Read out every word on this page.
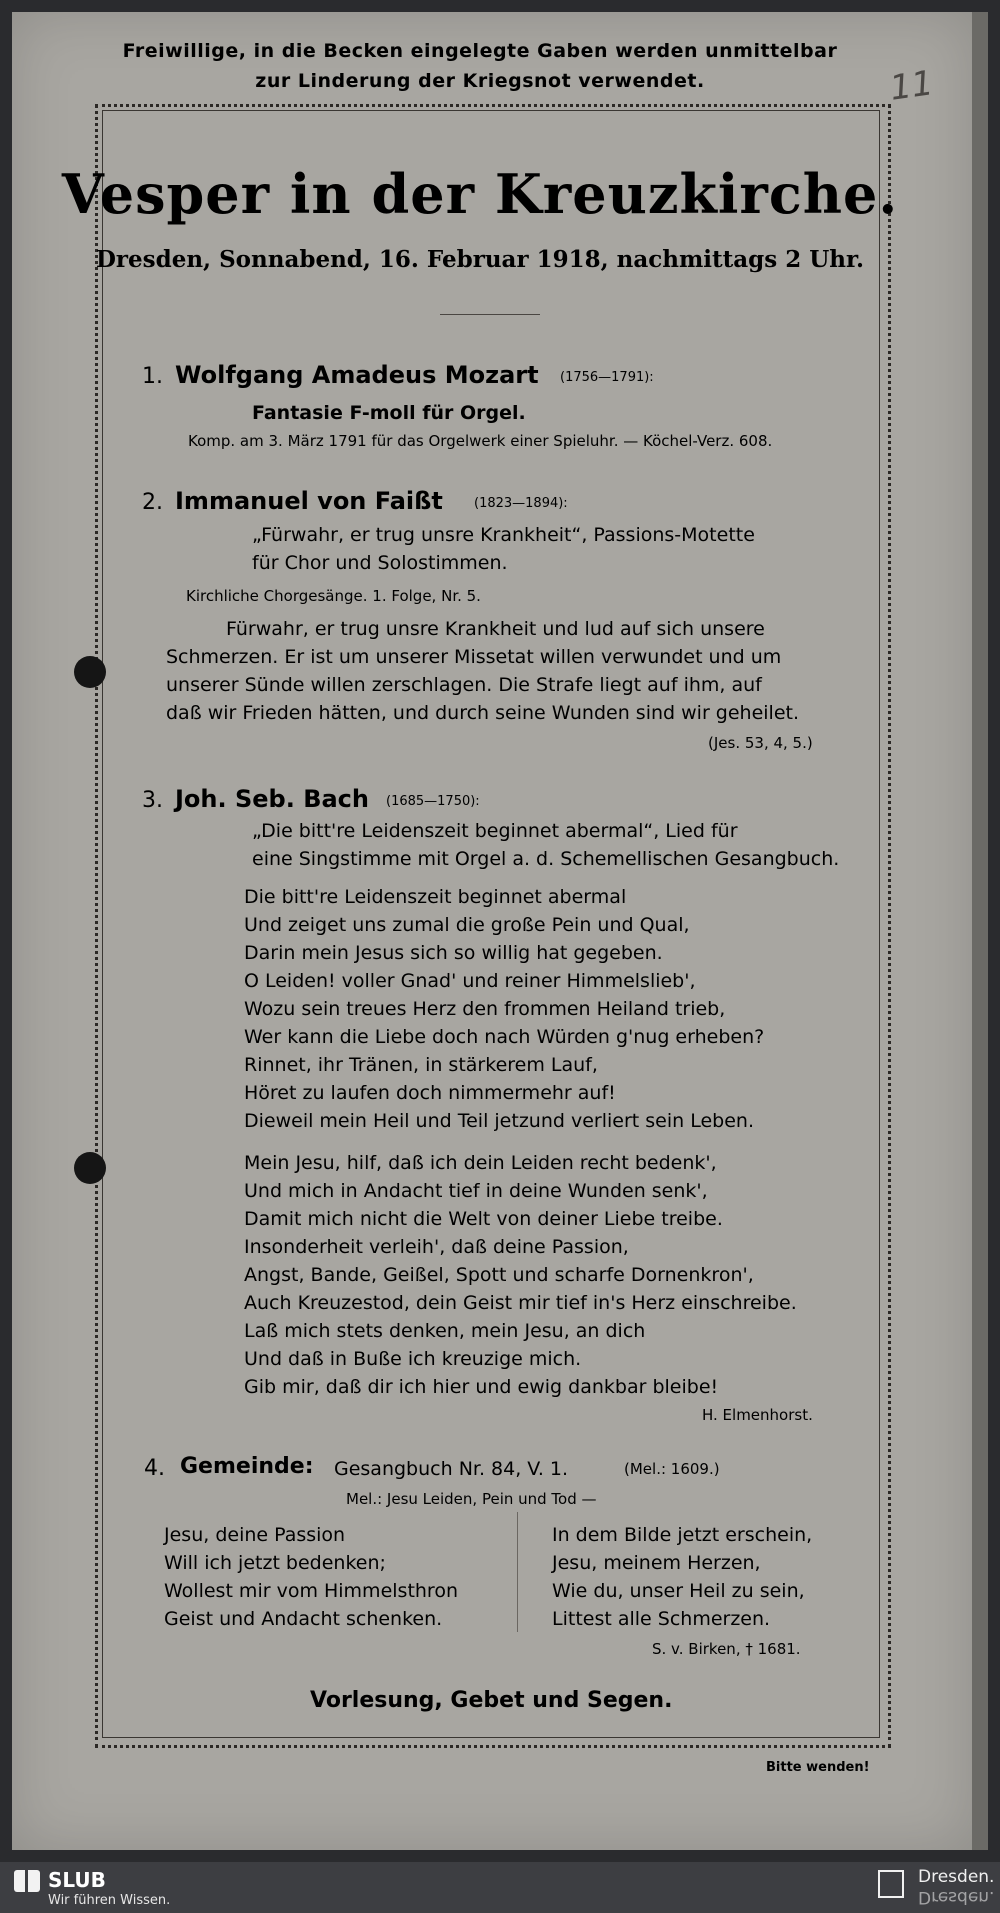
Freiwillige, in die Becken eingelegte Gaben werden unmittelbar
zur Linderung der Kriegsnot verwendet.	11
Vesper in der Kreuzkirche.
Dresden, Sonnabend, 16. Februar 1918, nachmittags 2 Uhr.
1. Wolfgang Amadeus Mozart (1756—1791):
Fantasie F-moll für Orgel.
Komp. am 3. März 1791 für das Orgelwerk einer Spieluhr. — Köchel-Verz. 608.
2. Immanuel von Faißt (1823—1894):
„Fürwahr, er trug unsre Krankheit“, Passions-Motette
für Chor und Solostimmen.
Kirchliche Chorgesänge. 1. Folge, Nr. 5.
Fürwahr, er trug unsre Krankheit und lud auf sich unsere
Schmerzen. Er ist um unserer Missetat willen verwundet und um
unserer Sünde willen zerschlagen. Die Strafe liegt auf ihm, auf
daß wir Frieden hätten, und durch seine Wunden sind wir geheilet.
(Jes. 53, 4, 5.)
3. Joh. Seb. Bach (1685—1750):
„Die bitt're Leidenszeit beginnet abermal“, Lied für
eine Singstimme mit Orgel a. d. Schemellischen Gesangbuch.
Die bitt're Leidenszeit beginnet abermal
Und zeiget uns zumal die große Pein und Qual,
Darin mein Jesus sich so willig hat gegeben.
O Leiden! voller Gnad' und reiner Himmelslieb',
Wozu sein treues Herz den frommen Heiland trieb,
Wer kann die Liebe doch nach Würden g'nug erheben?
Rinnet, ihr Tränen, in stärkerem Lauf,
Höret zu laufen doch nimmermehr auf!
Dieweil mein Heil und Teil jetzund verliert sein Leben.
Mein Jesu, hilf, daß ich dein Leiden recht bedenk',
Und mich in Andacht tief in deine Wunden senk',
Damit mich nicht die Welt von deiner Liebe treibe.
Insonderheit verleih', daß deine Passion,
Angst, Bande, Geißel, Spott und scharfe Dornenkron',
Auch Kreuzestod, dein Geist mir tief in's Herz einschreibe.
Laß mich stets denken, mein Jesu, an dich
Und daß in Buße ich kreuzige mich.
Gib mir, daß dir ich hier und ewig dankbar bleibe!
H. Elmenhorst.
4. Gemeinde: Gesangbuch Nr. 84, V. 1.	(Mel.: 1609.)
Mel.: Jesu Leiden, Pein und Tod —
Jesu, deine Passion
Will ich jetzt bedenken;
Wollest mir vom Himmelsthron
Geist und Andacht schenken.
In dem Bilde jetzt erschein,
Jesu, meinem Herzen,
Wie du, unser Heil zu sein,
Littest alle Schmerzen.
S. v. Birken, † 1681.
Vorlesung, Gebet und Segen.
Bitte wenden!
SLUB
Wir führen Wissen.
Dresden.
Dresden.
